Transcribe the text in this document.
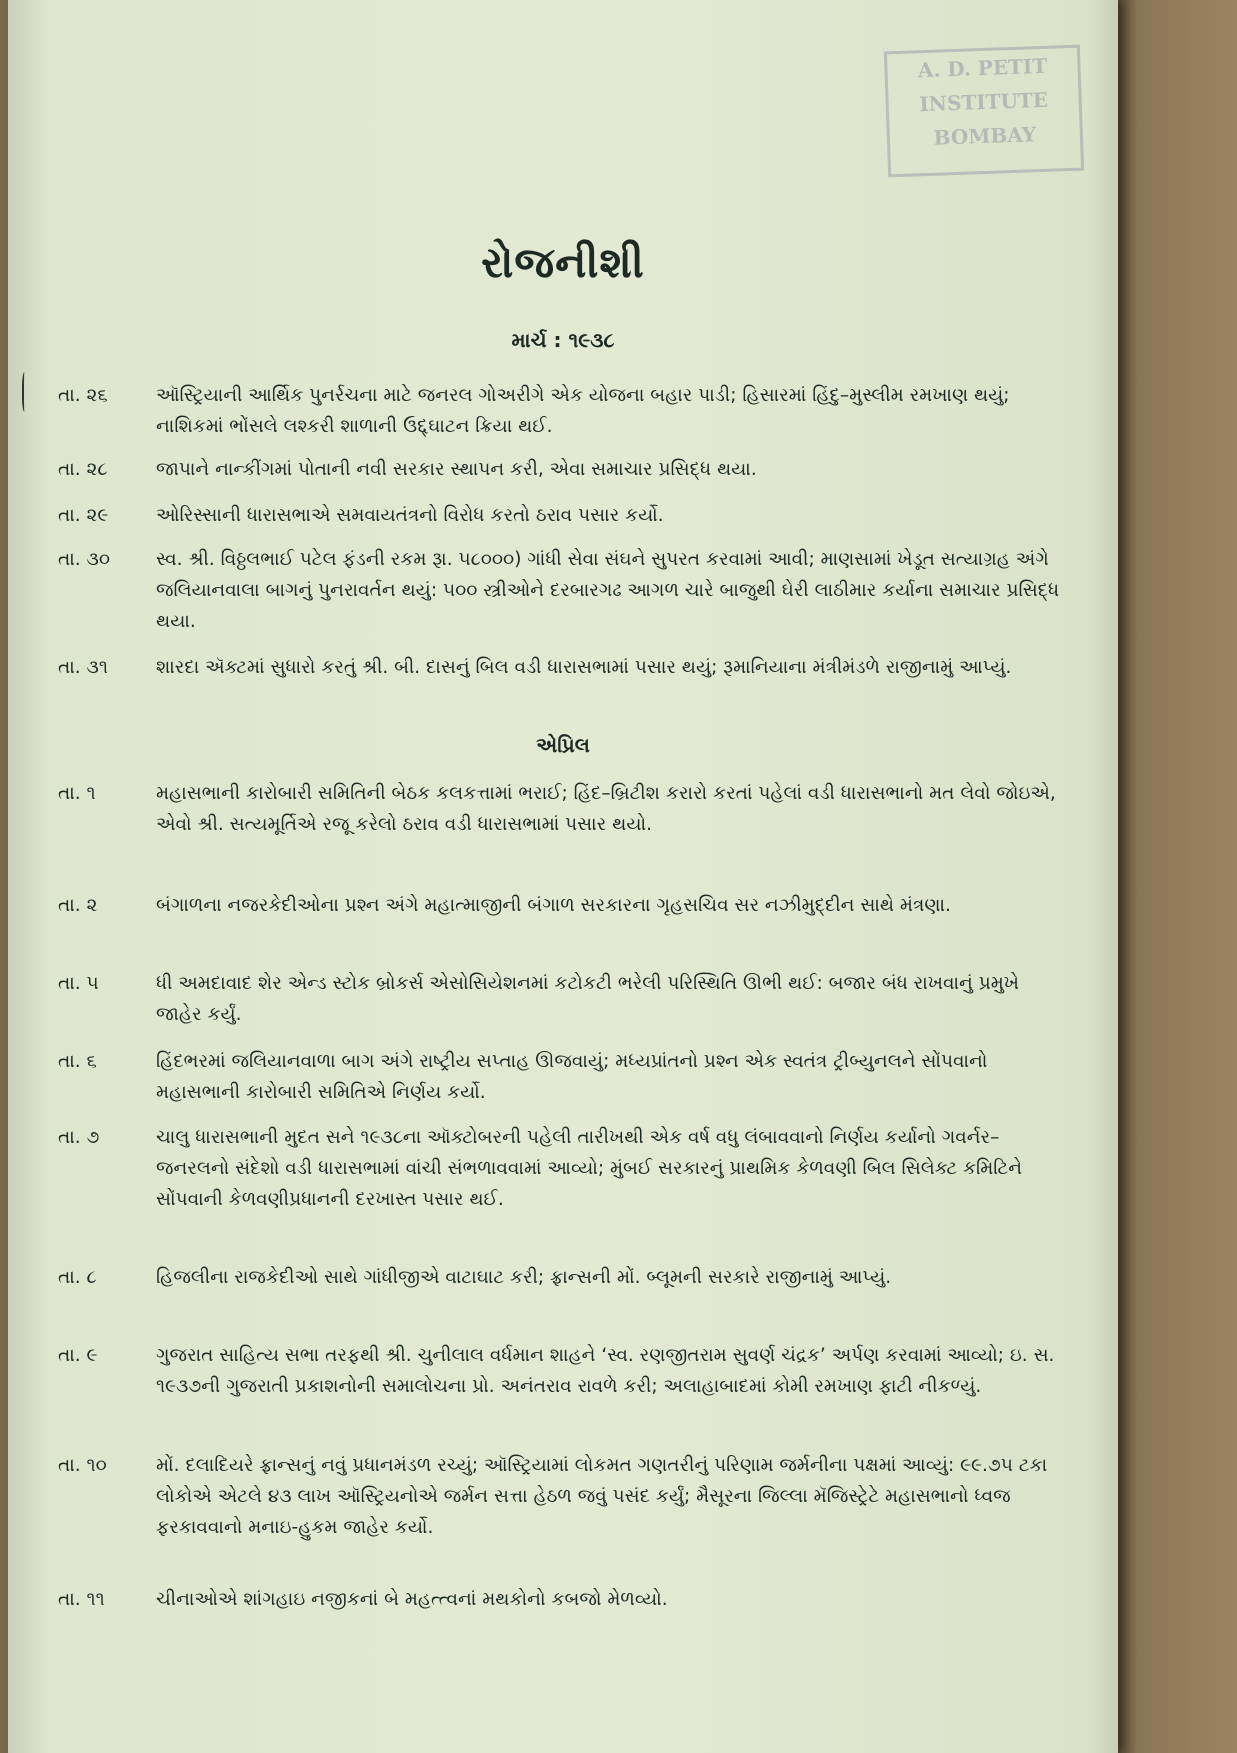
A. D. PETIT
INSTITUTE
BOMBAY
રોજનીશી
માર્ચ : ૧૯૩૮
તા. ૨૬	ઑસ્ટ્રિયાની આર્થિક પુનર્રચના માટે જનરલ ગોઅરીગે એક યોજના બહાર પાડી; હિસારમાં હિંદુ–મુસ્લીમ રમખાણ થયું; નાશિકમાં ભોંસલે લશ્કરી શાળાની ઉદ્દ્ઘાટન ક્રિયા થઈ.
તા. ૨૮	જાપાને નાન્કીંગમાં પોતાની નવી સરકાર સ્થાપન કરી, એવા સમાચાર પ્રસિદ્ધ થયા.
તા. ૨૯	ઓરિસ્સાની ધારાસભાએ સમવાયતંત્રનો વિરોધ કરતો ઠરાવ પસાર કર્યો.
તા. ૩૦	સ્વ. શ્રી. વિઠ્ઠલભાઈ પટેલ ફંડની રકમ રૂા. ૫૮૦૦૦) ગાંધી સેવા સંઘને સુપરત કરવામાં આવી; માણસામાં ખેડૂત સત્યાગ્રહ અંગે જલિયાનવાલા બાગનું પુનરાવર્તન થયું: ૫૦૦ સ્ત્રીઓને દરબારગઢ આગળ ચારે બાજુથી ઘેરી લાઠીમાર કર્યાના સમાચાર પ્રસિદ્ધ થયા.
તા. ૩૧	શારદા ઍક્ટમાં સુધારો કરતું શ્રી. બી. દાસનું બિલ વડી ધારાસભામાં પસાર થયું; રૂમાનિયાના મંત્રીમંડળે રાજીનામું આપ્યું.
એપ્રિલ
તા. ૧	મહાસભાની કારોબારી સમિતિની બેઠક કલકત્તામાં ભરાઈ; હિંદ–બ્રિટીશ કરારો કરતાં પહેલાં વડી ધારાસભાનો મત લેવો જોઇએ, એવો શ્રી. સત્યમૂર્તિએ રજૂ કરેલો ઠરાવ વડી ધારાસભામાં પસાર થયો.
તા. ૨	બંગાળના નજરકેદીઓના પ્રશ્ન અંગે મહાત્માજીની બંગાળ સરકારના ગૃહસચિવ સર નઝીમુદ્દીન સાથે મંત્રણા.
તા. ૫	ધી અમદાવાદ શેર એન્ડ સ્ટોક બ્રોકર્સ એસોસિયેશનમાં કટોકટી ભરેલી પરિસ્થિતિ ઊભી થઈ: બજાર બંધ રાખવાનું પ્રમુખે જાહેર કર્યું.
તા. ૬	હિંદભરમાં જલિયાનવાળા બાગ અંગે રાષ્ટ્રીય સપ્તાહ ઊજવાયું; મધ્યપ્રાંતનો પ્રશ્ન એક સ્વતંત્ર ટ્રીબ્યુનલને સોંપવાનો મહાસભાની કારોબારી સમિતિએ નિર્ણય કર્યો.
તા. ૭	ચાલુ ધારાસભાની મુદત સને ૧૯૩૮ના ઑક્ટોબરની પહેલી તારીખથી એક વર્ષ વધુ લંબાવવાનો નિર્ણય કર્યાનો ગવર્નર–જનરલનો સંદેશો વડી ધારાસભામાં વાંચી સંભળાવવામાં આવ્યો; મુંબઈ સરકારનું પ્રાથમિક કેળવણી બિલ સિલેક્ટ કમિટિને સોંપવાની કેળવણીપ્રધાનની દરખાસ્ત પસાર થઈ.
તા. ૮	હિજલીના રાજકેદીઓ સાથે ગાંધીજીએ વાટાઘાટ કરી; ફ્રાન્સની મોં. બ્લૂમની સરકારે રાજીનામું આપ્યું.
તા. ૯	ગુજરાત સાહિત્ય સભા તરફથી શ્રી. ચુનીલાલ વર્ધમાન શાહને ‘સ્વ. રણજીતરામ સુવર્ણ ચંદ્રક’ અર્પણ કરવામાં આવ્યો; ઇ. સ. ૧૯૩૭ની ગુજરાતી પ્રકાશનોની સમાલોચના પ્રો. અનંતરાવ રાવળે કરી; અલાહાબાદમાં કોમી રમખાણ ફાટી નીકળ્યું.
તા. ૧૦	મોં. દલાદિયરે ફ્રાન્સનું નવું પ્રધાનમંડળ રચ્યું; ઑસ્ટ્રિયામાં લોકમત ગણતરીનું પરિણામ જર્મનીના પક્ષમાં આવ્યું: ૯૯.૭૫ ટકા લોકોએ એટલે ૪૩ લાખ ઑસ્ટ્રિયનોએ જર્મન સત્તા હેઠળ જવું પસંદ કર્યું; મૈસૂરના જિલ્લા મૅજિસ્ટ્રેટે મહાસભાનો ધ્વજ ફરકાવવાનો મનાઇ-હુકમ જાહેર કર્યો.
તા. ૧૧	ચીનાઓએ શાંગહાઇ નજીકનાં બે મહત્ત્વનાં મથકોનો કબજો મેળવ્યો.
